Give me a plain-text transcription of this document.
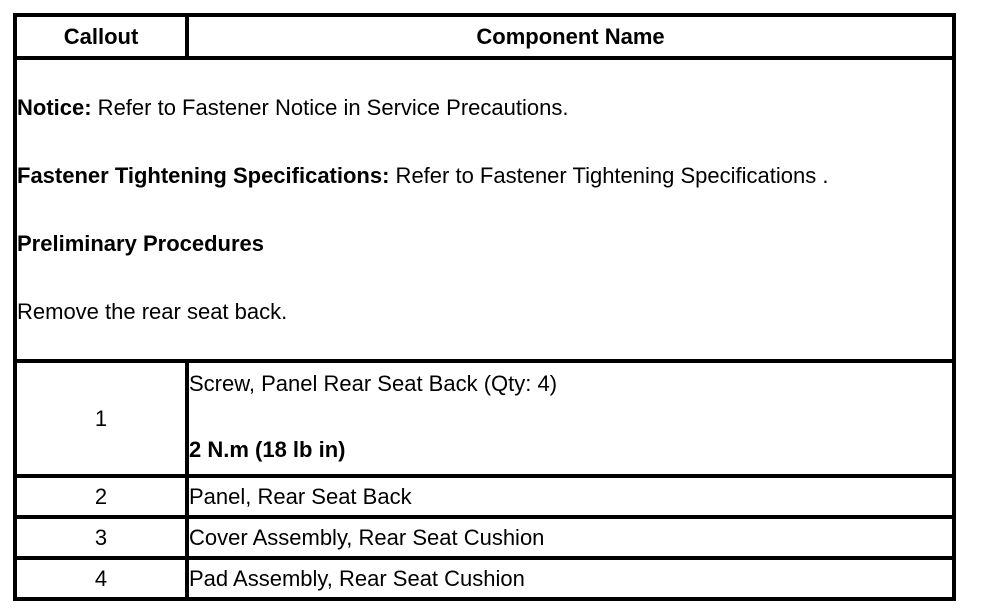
Callout	Component Name

Notice: Refer to Fastener Notice in Service Precautions.
Fastener Tightening Specifications: Refer to Fastener Tightening Specifications .
Preliminary Procedures
Remove the rear seat back.	

1	Screw, Panel Rear Seat Back (Qty: 4)
2 N.m (18 lb in)

2	Panel, Rear Seat Back
3	Cover Assembly, Rear Seat Cushion
4	Pad Assembly, Rear Seat Cushion
